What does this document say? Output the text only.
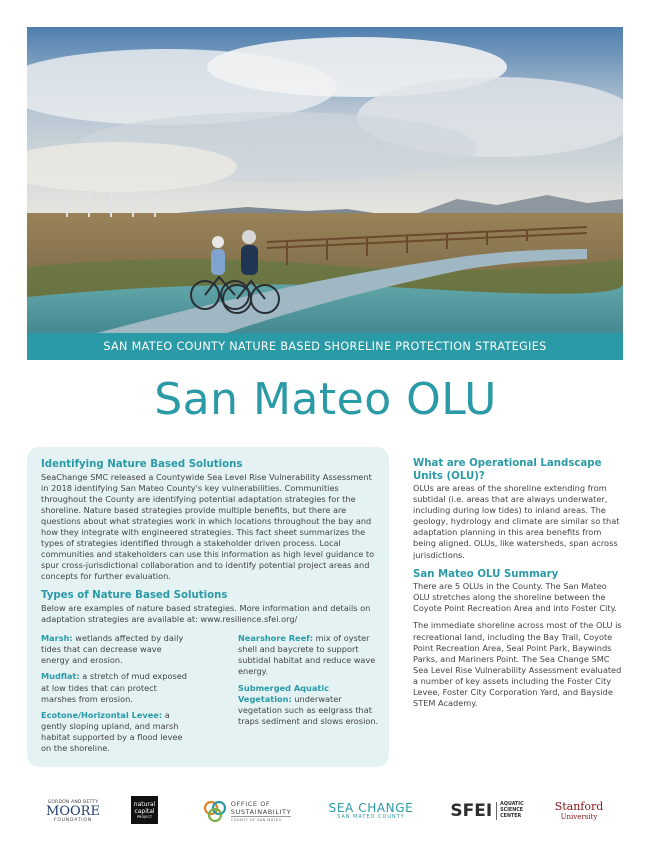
SAN MATEO COUNTY NATURE BASED SHORELINE PROTECTION STRATEGIES
San Mateo OLU
Identifying Nature Based Solutions
SeaChange SMC released a Countywide Sea Level Rise Vulnerability Assessment in 2018 identifying San Mateo County's key vulnerabilities. Communities throughout the County are identifying potential adaptation strategies for the shoreline. Nature based strategies provide multiple benefits, but there are questions about what strategies work in which locations throughout the bay and how they integrate with engineered strategies. This fact sheet summarizes the types of strategies identified through a stakeholder driven process. Local communities and stakeholders can use this information as high level guidance to spur cross-jurisdictional collaboration and to identify potential project areas and concepts for further evaluation.
Types of Nature Based Solutions
Below are examples of nature based strategies. More information and details on adaptation strategies are available at: www.resilience.sfei.org/
Marsh: wetlands affected by daily tides that can decrease wave energy and erosion.
Mudflat: a stretch of mud exposed at low tides that can protect marshes from erosion.
Ecotone/Horizontal Levee: a gently sloping upland, and marsh habitat supported by a flood levee on the shoreline.
Nearshore Reef: mix of oyster shell and baycrete to support subtidal habitat and reduce wave energy.
Submerged Aquatic Vegetation: underwater vegetation such as eelgrass that traps sediment and slows erosion.
What are Operational Landscape Units (OLU)?
OLUs are areas of the shoreline extending from subtidal (i.e. areas that are always underwater, including during low tides) to inland areas. The geology, hydrology and climate are similar so that adaptation planning in this area benefits from being aligned. OLUs, like watersheds, span across jurisdictions.
San Mateo OLU Summary
There are 5 OLUs in the County. The San Mateo OLU stretches along the shoreline between the Coyote Point Recreation Area and into Foster City.
The immediate shoreline across most of the OLU is recreational land, including the Bay Trail, Coyote Point Recreation Area, Seal Point Park, Baywinds Parks, and Mariners Point. The Sea Change SMC Sea Level Rise Vulnerability Assessment evaluated a number of key assets including the Foster City Levee, Foster City Corporation Yard, and Bayside STEM Academy.
GORDON AND BETTY
MOORE
FOUNDATION
natural
capital
PROJECT
OFFICE OF
SUSTAINABILITY
COUNTY OF SAN MATEO
SEA CHANGE
SAN MATEO COUNTY	SFEI AQUATIC
SCIENCE
CENTER
Stanford
University
